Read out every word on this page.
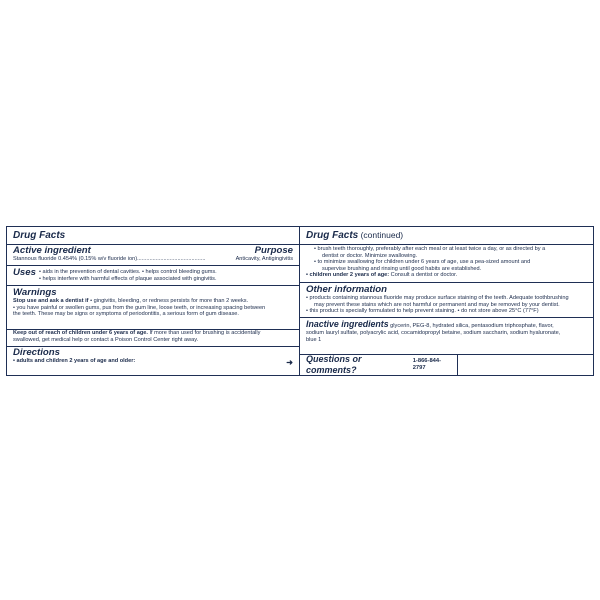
Drug Facts

Active ingredient	Purpose

Stannous fluoride 0.454% (0.15% w/v fluoride ion) ............................................	Anticavity, Antigingivitis

Uses • aids in the prevention of dental cavities. • helps control bleeding gums.

• helps interfere with harmful effects of plaque associated with gingivitis.

Warnings

Stop use and ask a dentist if • gingivitis, bleeding, or redness persists for more than 2 weeks.

• you have painful or swollen gums, pus from the gum line, loose teeth, or increasing spacing between

the teeth. These may be signs or symptoms of periodontitis, a serious form of gum disease.

Keep out of reach of children under 6 years of age. If more than used for brushing is accidentally

swallowed, get medical help or contact a Poison Control Center right away.

Directions

• adults and children 2 years of age and older:	➜

Drug Facts (continued)

• brush teeth thoroughly, preferably after each meal or at least twice a day, or as directed by a

dentist or doctor. Minimize swallowing.

• to minimize swallowing for children under 6 years of age, use a pea-sized amount and

supervise brushing and rinsing until good habits are established.

• children under 2 years of age: Consult a dentist or doctor.

Other information

• products containing stannous fluoride may produce surface staining of the teeth. Adequate toothbrushing

may prevent these stains which are not harmful or permanent and may be removed by your dentist.

• this product is specially formulated to help prevent staining. • do not store above 25°C (77°F)

Inactive ingredients glycerin, PEG-8, hydrated silica, pentasodium triphosphate, flavor,

sodium lauryl sulfate, polyacrylic acid, cocamidopropyl betaine, sodium saccharin, sodium hyaluronate,

blue 1

Questions or comments?
1-866-844-2797
